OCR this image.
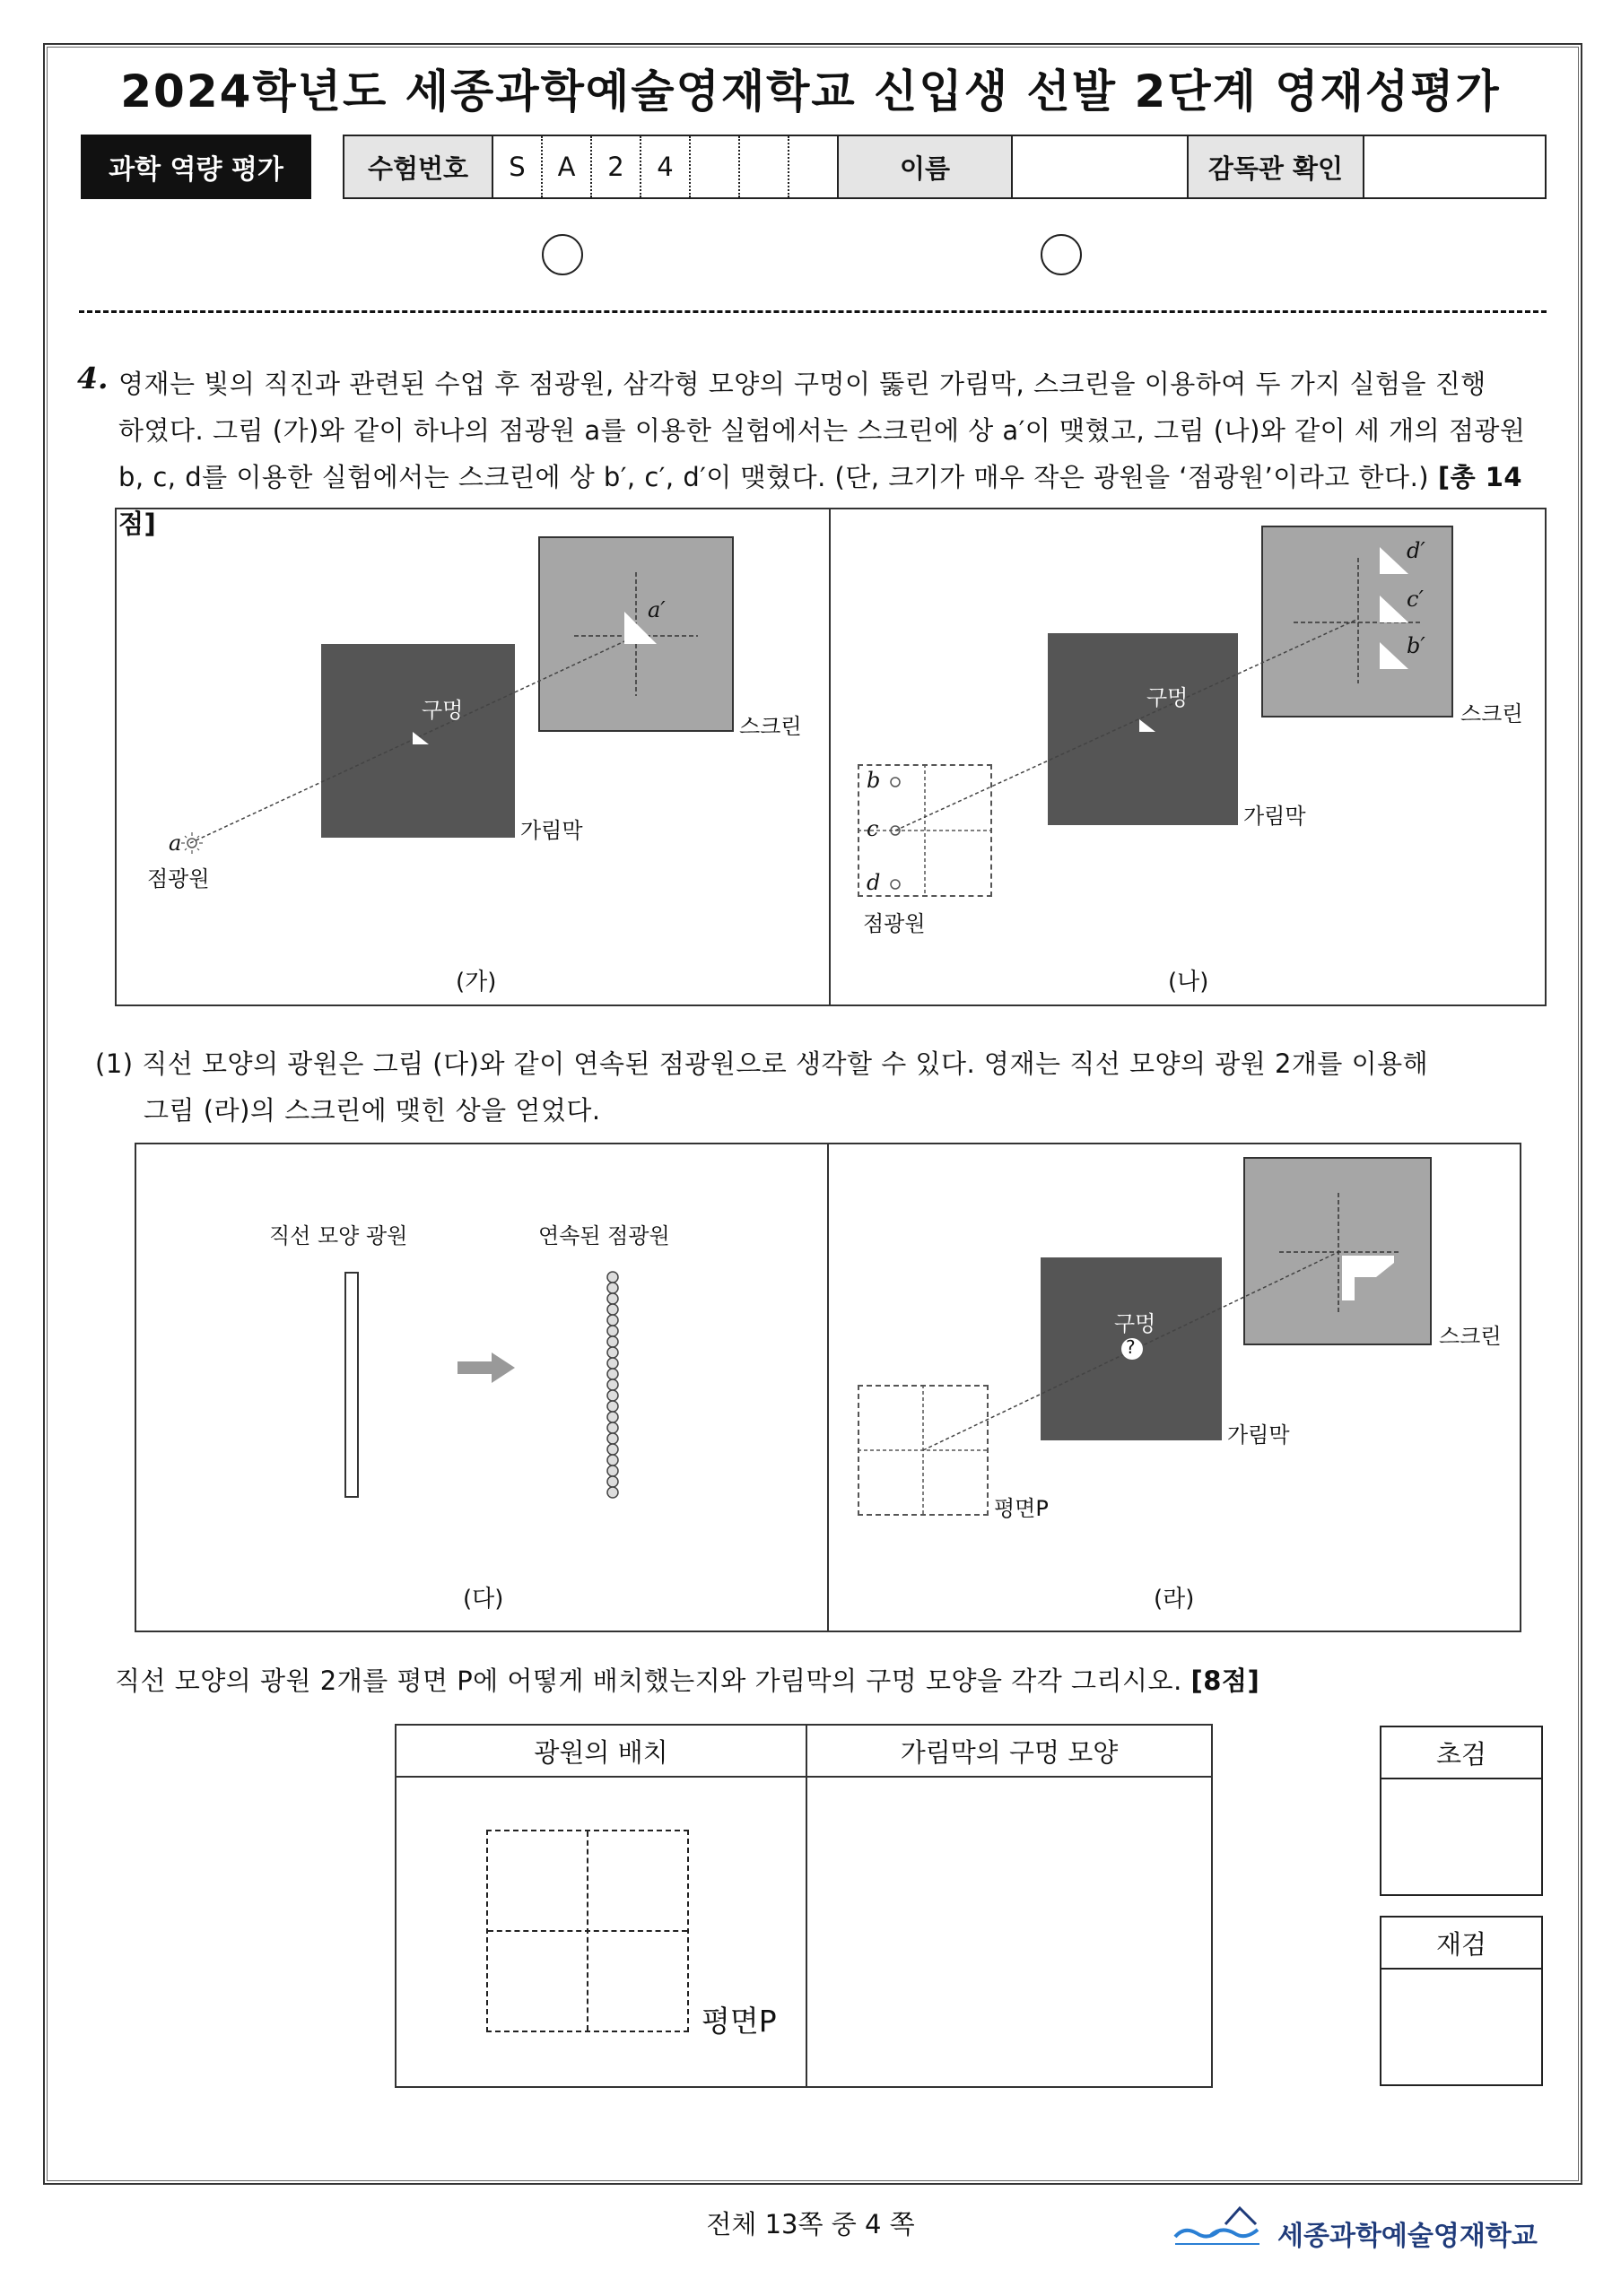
2024학년도 세종과학예술영재학교 신입생 선발 2단계 영재성평가
과학 역량 평가	수험번호	S	A	2	4	이름	감독관 확인
4. 영재는 빛의 직진과 관련된 수업 후 점광원, 삼각형 모양의 구멍이 뚫린 가림막, 스크린을 이용하여 두 가지 실험을 진행
하였다. 그림 (가)와 같이 하나의 점광원 a를 이용한 실험에서는 스크린에 상 a′이 맺혔고, 그림 (나)와 같이 세 개의 점광원
b, c, d를 이용한 실험에서는 스크린에 상 b′, c′, d′이 맺혔다. (단, 크기가 매우 작은 광원을 ‘점광원’이라고 한다.) [총 14점]
구멍
스크린
가림막
점광원
a
a′
(가)
b
c
d
d′
c′
b′
구멍
스크린
가림막
점광원
(나)
(1) 직선 모양의 광원은 그림 (다)와 같이 연속된 점광원으로 생각할 수 있다. 영재는 직선 모양의 광원 2개를 이용해
그림 (라)의 스크린에 맺힌 상을 얻었다.
직선 모양 광원	연속된 점광원
(다)
?
구멍	스크린
가림막
평면P
(라)
직선 모양의 광원 2개를 평면 P에 어떻게 배치했는지와 가림막의 구멍 모양을 각각 그리시오. [8점]
광원의 배치	가림막의 구멍 모양
평면P
초검
재검
전체 13쪽 중 4 쪽	세종과학예술영재학교
